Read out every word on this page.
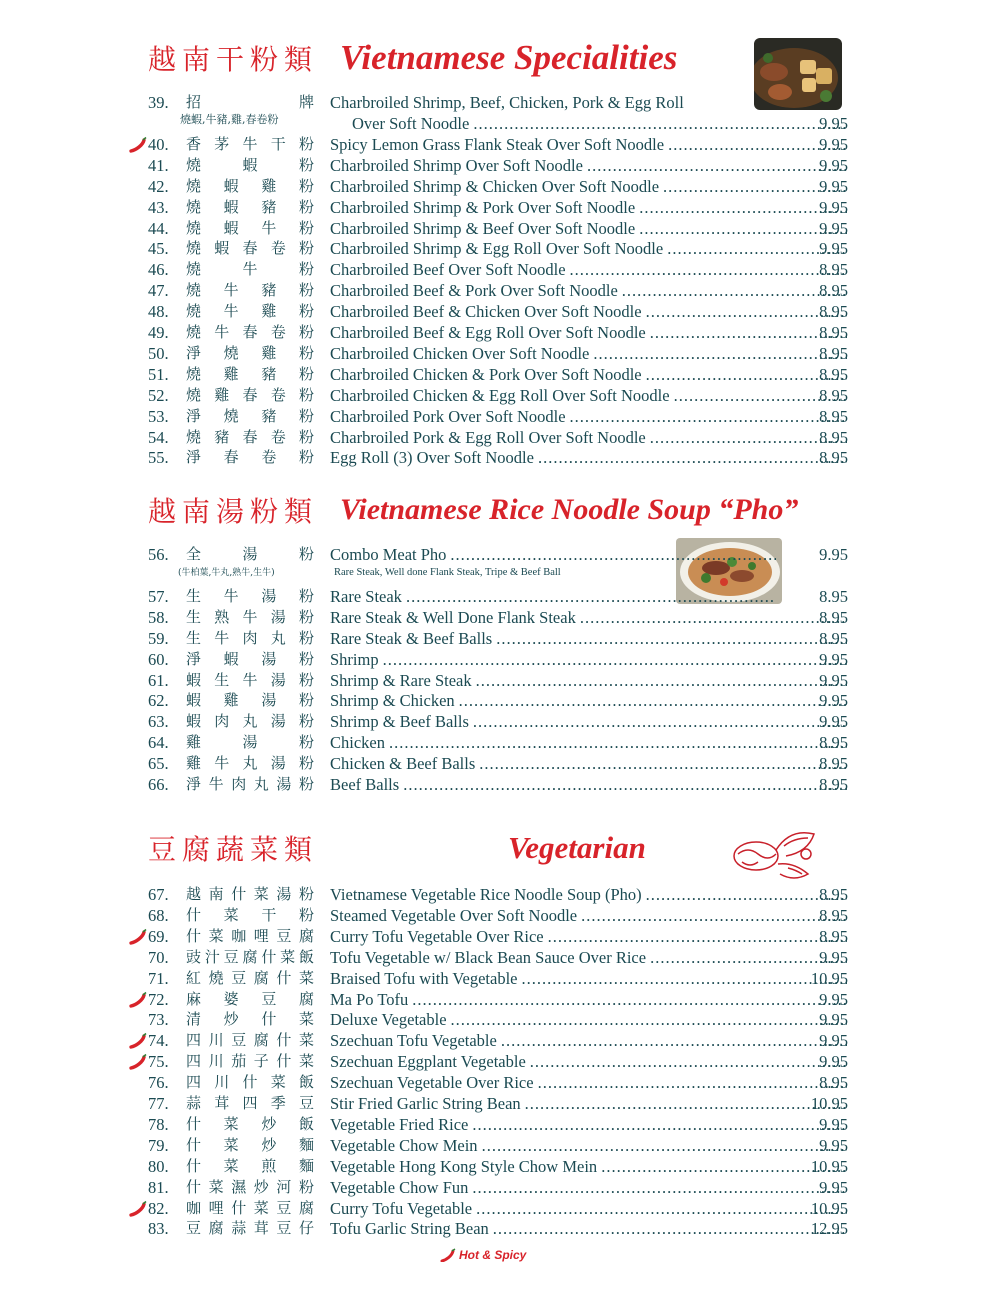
越南干粉類 Vietnamese Specialities
越南湯粉類 Vietnamese Rice Noodle Soup “Pho”
豆腐蔬菜類	Vegetarian
39.	招	牌 Charbroiled Shrimp, Beef, Chicken, Pork & Egg Roll
燒蝦,牛豬,雞,春卷粉	Over Soft Noodle .....	9.95
40.	香 茅 牛 干 粉 Spicy Lemon Grass Flank Steak Over Soft Noodle .....	9.95
41.	燒	蝦	粉 Charbroiled Shrimp Over Soft Noodle .....	9.95
42.	燒 蝦 雞 粉 Charbroiled Shrimp & Chicken Over Soft Noodle .....	9.95
43.	燒 蝦 豬 粉 Charbroiled Shrimp & Pork Over Soft Noodle .....	9.95
44.	燒 蝦 牛 粉 Charbroiled Shrimp & Beef Over Soft Noodle .....	9.95
45.	燒 蝦 春 卷 粉 Charbroiled Shrimp & Egg Roll Over Soft Noodle .....	9.95
46.	燒	牛	粉 Charbroiled Beef Over Soft Noodle .....	8.95
47.	燒 牛 豬 粉 Charbroiled Beef & Pork Over Soft Noodle .....	8.95
48.	燒 牛 雞 粉 Charbroiled Beef & Chicken Over Soft Noodle .....	8.95
49.	燒 牛 春 卷 粉 Charbroiled Beef & Egg Roll Over Soft Noodle .....	8.95
50.	淨 燒 雞 粉 Charbroiled Chicken Over Soft Noodle .....	8.95
51.	燒 雞 豬 粉 Charbroiled Chicken & Pork Over Soft Noodle .....	8.95
52.	燒 雞 春 卷 粉 Charbroiled Chicken & Egg Roll Over Soft Noodle .....	8.95
53.	淨 燒 豬 粉 Charbroiled Pork Over Soft Noodle .....	8.95
54.	燒 豬 春 卷 粉 Charbroiled Pork & Egg Roll Over Soft Noodle .....	8.95
55.	淨 春 卷 粉 Egg Roll (3) Over Soft Noodle .....	8.95
56.	全	湯	粉 Combo Meat Pho .....	9.95
(牛柏葉,牛丸,熟牛,生牛)	Rare Steak, Well done Flank Steak, Tripe & Beef Ball
57.	生 牛 湯 粉 Rare Steak .....	8.95
58.	生 熟 牛 湯 粉 Rare Steak & Well Done Flank Steak .....	8.95
59.	生 牛 肉 丸 粉 Rare Steak & Beef Balls .....	8.95
60.	淨 蝦 湯 粉 Shrimp .....	9.95
61.	蝦 生 牛 湯 粉 Shrimp & Rare Steak .....	9.95
62.	蝦 雞 湯 粉 Shrimp & Chicken .....	9.95
63.	蝦 肉 丸 湯 粉 Shrimp & Beef Balls .....	9.95
64.	雞	湯	粉 Chicken .....	8.95
65.	雞 牛 丸 湯 粉 Chicken & Beef Balls .....	8.95
66.	淨 牛 肉 丸 湯 粉 Beef Balls .....	8.95
67.	越 南 什 菜 湯 粉 Vietnamese Vegetable Rice Noodle Soup (Pho) .....	8.95
68.	什 菜 干 粉 Steamed Vegetable Over Soft Noodle .....	8.95
69.	什 菜 咖 哩 豆 腐 Curry Tofu Vegetable Over Rice .....	8.95
70.	豉 汁 豆 腐 什 菜 飯 Tofu Vegetable w/ Black Bean Sauce Over Rice .....	9.95
71.	紅 燒 豆 腐 什 菜 Braised Tofu with Vegetable .....	10.95
72.	麻 婆 豆 腐 Ma Po Tofu .....	9.95
73.	清 炒 什 菜 Deluxe Vegetable .....	9.95
74.	四 川 豆 腐 什 菜 Szechuan Tofu Vegetable .....	9.95
75.	四 川 茄 子 什 菜 Szechuan Eggplant Vegetable .....	9.95
76.	四 川 什 菜 飯 Szechuan Vegetable Over Rice .....	8.95
77.	蒜 茸 四 季 豆 Stir Fried Garlic String Bean .....	10.95
78.	什 菜 炒 飯 Vegetable Fried Rice .....	9.95
79.	什 菜 炒 麵 Vegetable Chow Mein .....	9.95
80.	什 菜 煎 麵 Vegetable Hong Kong Style Chow Mein .....	10.95
81.	什 菜 濕 炒 河 粉 Vegetable Chow Fun .....	9.95
82.	咖 哩 什 菜 豆 腐 Curry Tofu Vegetable .....	10.95
83.	豆 腐 蒜 茸 豆 仔 Tofu Garlic String Bean .....	12.95
Hot & Spicy
